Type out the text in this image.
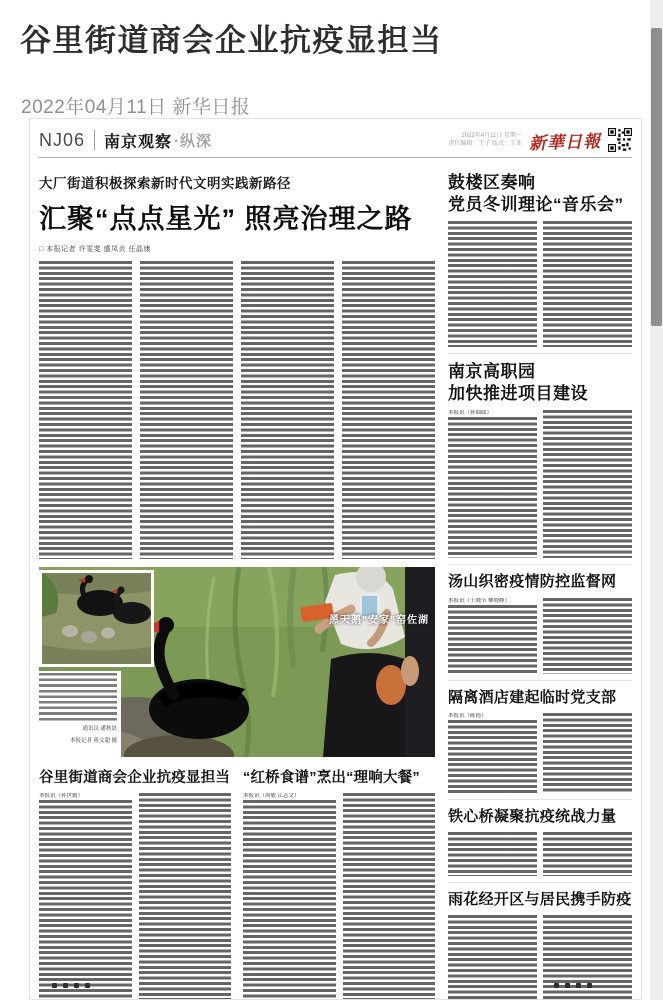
谷里街道商会企业抗疫显担当
2022年04月11日 新华日报
NJ06 南京观察 ·纵深	2022年4月11日 星期一
责任编辑：王子 版式：王亚 新華日報
大厂街道积极探索新时代文明实践新路径
汇聚“点点星光” 照亮治理之路
□ 本报记者 许雯斐 盛凤贞 任晶康
通讯员 潘秋晨
本报记者 蒋文超 摄
黑天鹅“安家”窑佐湖
谷里街道商会企业抗疫显担当
本报讯（孙世勤）
“红桥食谱”烹出“理响大餐”
本报讯（周敏 江志文）
鼓楼区奏响
党员冬训理论“音乐会”
南京高职园
加快推进项目建设
本报讯（孙圆圆）
汤山织密疫情防控监督网
本报讯（王晓节 柳晓峰）
隔离酒店建起临时党支部
本报讯（陈艳）
铁心桥凝聚抗疫统战力量
雨花经开区与居民携手防疫
